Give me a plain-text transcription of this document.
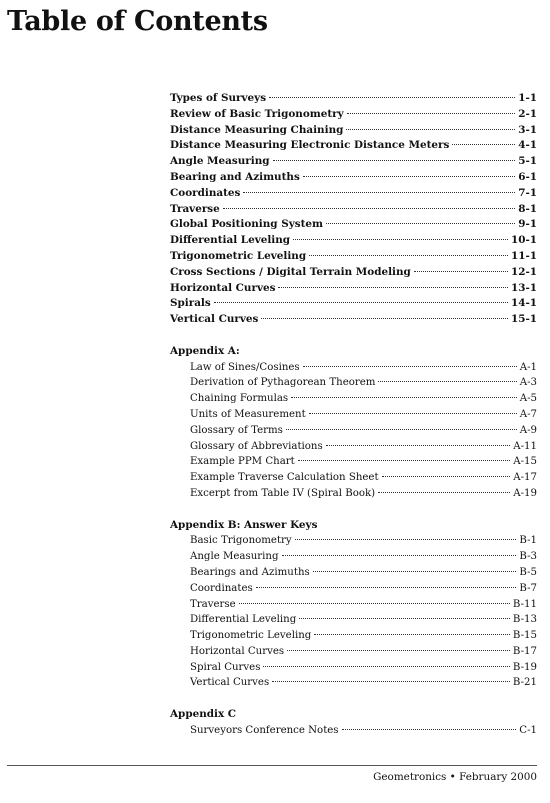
Table of Contents
Types of Surveys	1-1
Review of Basic Trigonometry	2-1
Distance Measuring Chaining	3-1
Distance Measuring Electronic Distance Meters	4-1
Angle Measuring	5-1
Bearing and Azimuths	6-1
Coordinates	7-1
Traverse	8-1
Global Positioning System	9-1
Differential Leveling	10-1
Trigonometric Leveling	11-1
Cross Sections / Digital Terrain Modeling	12-1
Horizontal Curves	13-1
Spirals	14-1
Vertical Curves	15-1
Appendix A:
Law of Sines/Cosines	A-1
Derivation of Pythagorean Theorem	A-3
Chaining Formulas	A-5
Units of Measurement	A-7
Glossary of Terms	A-9
Glossary of Abbreviations	A-11
Example PPM Chart	A-15
Example Traverse Calculation Sheet	A-17
Excerpt from Table IV (Spiral Book)	A-19
Appendix B: Answer Keys
Basic Trigonometry	B-1
Angle Measuring	B-3
Bearings and Azimuths	B-5
Coordinates	B-7
Traverse	B-11
Differential Leveling	B-13
Trigonometric Leveling	B-15
Horizontal Curves	B-17
Spiral Curves	B-19
Vertical Curves	B-21
Appendix C
Surveyors Conference Notes	C-1
Geometronics • February 2000
